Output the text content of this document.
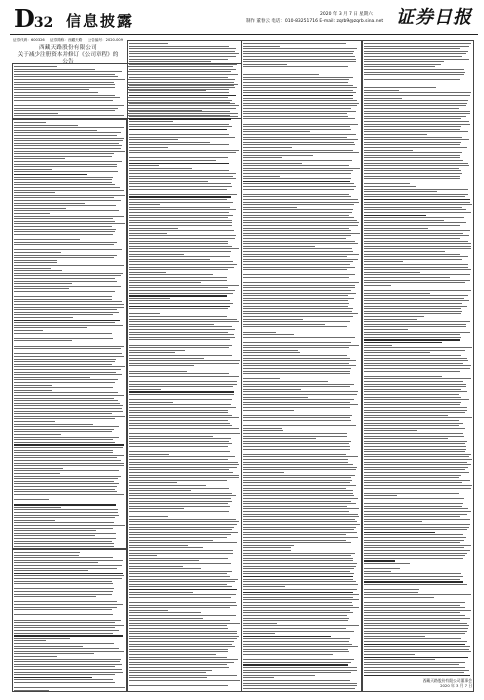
D32 信息披露	2020 年 3 月 7 日 星期六
制作 董春云 电话：010-83251716 E-mail: zqrb9@zqrb.sina.net 证券日报
证券代码：600326 证券简称：西藏天路 公告编号：2020-009
西藏天路股份有限公司
关于减少注册资本并修订《公司章程》的
公告
西藏天路股份有限公司董事会
2020 年 3 月 7 日
